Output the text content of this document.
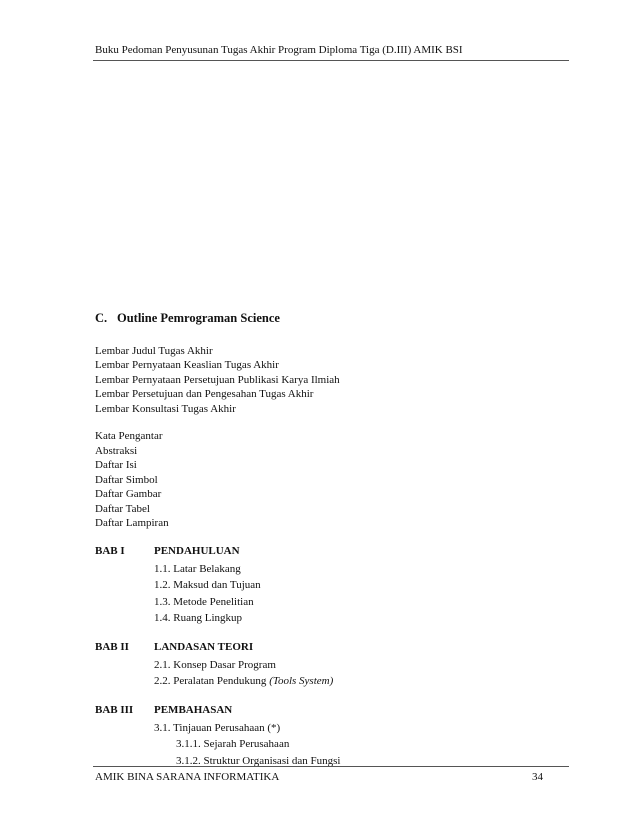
Buku Pedoman Penyusunan Tugas Akhir Program Diploma Tiga (D.III) AMIK BSI
C. Outline Pemrograman Science
Lembar Judul Tugas Akhir
Lembar Pernyataan Keaslian Tugas Akhir
Lembar Pernyataan Persetujuan Publikasi Karya Ilmiah
Lembar Persetujuan dan Pengesahan Tugas Akhir
Lembar Konsultasi Tugas Akhir
Kata Pengantar
Abstraksi
Daftar Isi
Daftar Simbol
Daftar Gambar
Daftar Tabel
Daftar Lampiran
BAB I	PENDAHULUAN
1.1. Latar Belakang
1.2. Maksud dan Tujuan
1.3. Metode Penelitian
1.4. Ruang Lingkup
BAB II	LANDASAN TEORI
2.1. Konsep Dasar Program
2.2. Peralatan Pendukung (Tools System)
BAB III	PEMBAHASAN
3.1. Tinjauan Perusahaan (*)
3.1.1. Sejarah Perusahaan
3.1.2. Struktur Organisasi dan Fungsi
AMIK BINA SARANA INFORMATIKA	34
